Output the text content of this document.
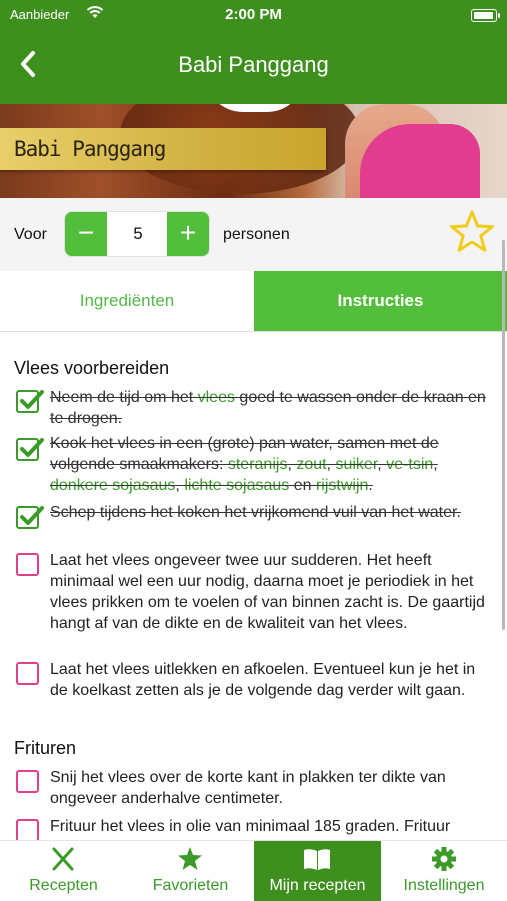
Aanbieder	2:00 PM
Babi Panggang
Babi Panggang
Voor	−	5	+	personen
Ingrediënten	Instructies
Vlees voorbereiden
Neem de tijd om het vlees goed te wassen onder de kraan en te drogen.
Kook het vlees in een (grote) pan water, samen met de volgende smaakmakers: steranijs, zout, suiker, ve-tsin, donkere sojasaus, lichte sojasaus en rijstwijn.
Schep tijdens het koken het vrijkomend vuil van het water.
Laat het vlees ongeveer twee uur sudderen. Het heeft minimaal wel een uur nodig, daarna moet je periodiek in het vlees prikken om te voelen of van binnen zacht is. De gaartijd hangt af van de dikte en de kwaliteit van het vlees.
Laat het vlees uitlekken en afkoelen. Eventueel kun je het in de koelkast zetten als je de volgende dag verder wilt gaan.
Frituren
Snij het vlees over de korte kant in plakken ter dikte van ongeveer anderhalve centimeter.
Frituur het vlees in olie van minimaal 185 graden. Frituur
Recepten	Favorieten	Mijn recepten	Instellingen
